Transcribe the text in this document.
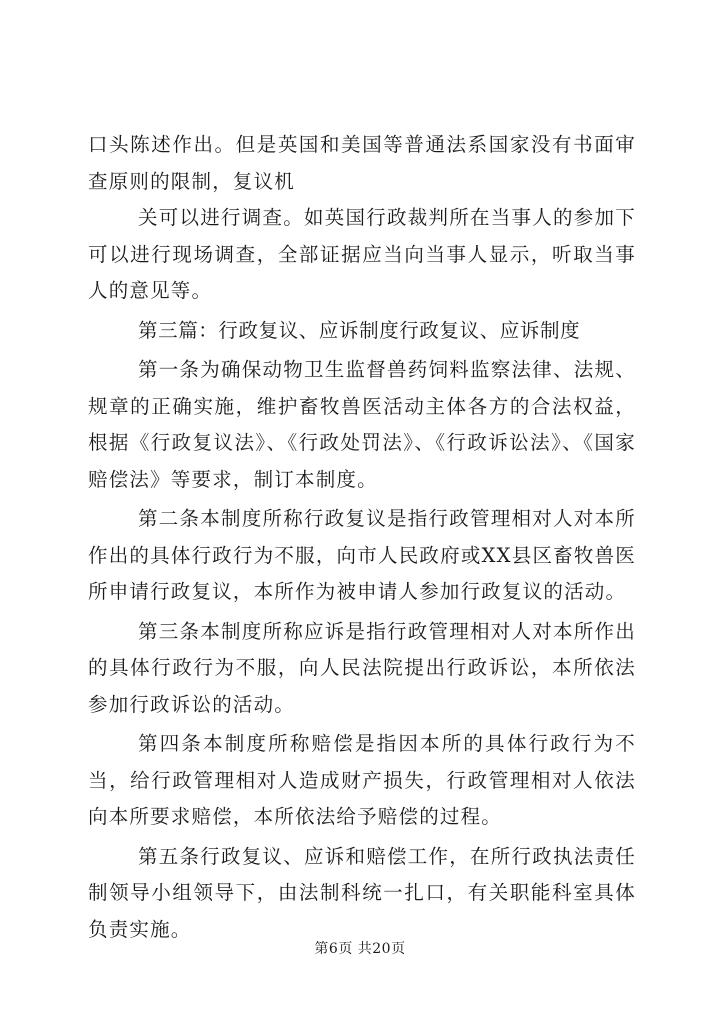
口头陈述作出。但是英国和美国等普通法系国家没有书面审查原则的限制，复议机

关可以进行调查。如英国行政裁判所在当事人的参加下可以进行现场调查，全部证据应当向当事人显示，听取当事人的意见等。

第三篇：行政复议、应诉制度行政复议、应诉制度

第一条为确保动物卫生监督兽药饲料监察法律、法规、规章的正确实施，维护畜牧兽医活动主体各方的合法权益，根据《行政复议法》、《行政处罚法》、《行政诉讼法》、《国家赔偿法》等要求，制订本制度。

第二条本制度所称行政复议是指行政管理相对人对本所作出的具体行政行为不服，向市人民政府或XX县区畜牧兽医所申请行政复议，本所作为被申请人参加行政复议的活动。

第三条本制度所称应诉是指行政管理相对人对本所作出的具体行政行为不服，向人民法院提出行政诉讼，本所依法参加行政诉讼的活动。

第四条本制度所称赔偿是指因本所的具体行政行为不当，给行政管理相对人造成财产损失，行政管理相对人依法向本所要求赔偿，本所依法给予赔偿的过程。

第五条行政复议、应诉和赔偿工作，在所行政执法责任制领导小组领导下，由法制科统一扎口，有关职能科室具体负责实施。

第6页 共20页
